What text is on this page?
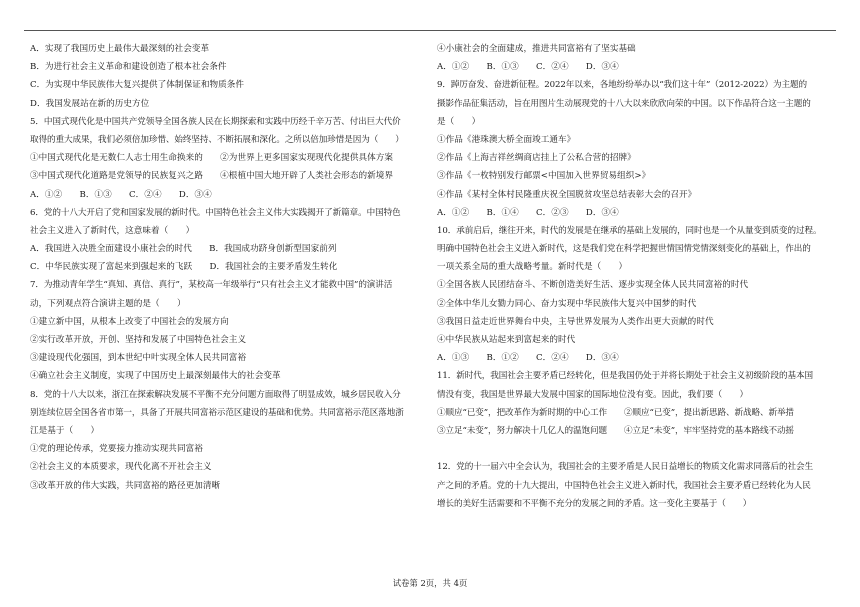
A．实现了我国历史上最伟大最深刻的社会变革
B．为进行社会主义革命和建设创造了根本社会条件
C．为实现中华民族伟大复兴提供了体制保证和物质条件
D．我国发展站在新的历史方位
5．中国式现代化是中国共产党领导全国各族人民在长期探索和实践中历经千辛万苦、付出巨大代价
取得的重大成果，我们必须倍加珍惜、始终坚持、不断拓展和深化。之所以倍加珍惜是因为（　　）
①中国式现代化是无数仁人志士用生命换来的　　②为世界上更多国家实现现代化提供具体方案
③中国式现代化道路是党领导的民族复兴之路　　④根植中国大地开辟了人类社会形态的新境界
A．①②　　B．①③　　C．②④　　D．③④
6．党的十八大开启了党和国家发展的新时代。中国特色社会主义伟大实践揭开了新篇章。中国特色
社会主义进入了新时代，这意味着（　　）
A．我国进入决胜全面建设小康社会的时代　　B．我国成功跻身创新型国家前列
C．中华民族实现了富起来到强起来的飞跃　　D．我国社会的主要矛盾发生转化
7．为推动青年学生“真知、真信、真行”，某校高一年级举行“只有社会主义才能救中国”的演讲活
动，下列观点符合演讲主题的是（　　）
①建立新中国，从根本上改变了中国社会的发展方向
②实行改革开放，开创、坚持和发展了中国特色社会主义
③建设现代化强国，到本世纪中叶实现全体人民共同富裕
④确立社会主义制度，实现了中国历史上最深刻最伟大的社会变革
8．党的十八大以来，浙江在探索解决发展不平衡不充分问题方面取得了明显成效，城乡居民收入分
别连续位居全国各省市第一，具备了开展共同富裕示范区建设的基础和优势。共同富裕示范区落地浙
江是基于（　　）
①党的理论传承，党要接力推动实现共同富裕
②社会主义的本质要求，现代化离不开社会主义
③改革开放的伟大实践，共同富裕的路径更加清晰
④小康社会的全面建成，推进共同富裕有了坚实基础
A．①②　　B．①③　　C．②④　　D．③④
9．踔厉奋发、奋进新征程。2022年以来，各地纷纷举办以“我们这十年”（2012-2022）为主题的
摄影作品征集活动，旨在用图片生动展现党的十八大以来欣欣向荣的中国。以下作品符合这一主题的
是（　　）
①作品《港珠澳大桥全面竣工通车》
②作品《上海吉祥丝绸商店挂上了公私合营的招牌》
③作品《一枚特别发行邮票<中国加入世界贸易组织>》
④作品《某村全体村民隆重庆祝全国脱贫攻坚总结表彰大会的召开》
A．①②　　B．①④　　C．②③　　D．③④
10．承前启后，继往开来，时代的发展是在继承的基础上发展的，同时也是一个从量变到质变的过程。
明确中国特色社会主义进入新时代，这是我们党在科学把握世情国情党情深刻变化的基础上，作出的
一项关系全局的重大战略考量。新时代是（　　）
①全国各族人民团结奋斗、不断创造美好生活、逐步实现全体人民共同富裕的时代
②全体中华儿女勠力同心、奋力实现中华民族伟大复兴中国梦的时代
③我国日益走近世界舞台中央，主导世界发展为人类作出更大贡献的时代
④中华民族从站起来到富起来的时代
A．①③　　B．①②　　C．②④　　D．③④
11．新时代，我国社会主要矛盾已经转化，但是我国仍处于并将长期处于社会主义初级阶段的基本国
情没有变，我国是世界最大发展中国家的国际地位没有变。因此，我们要（　　）
①顺应“已变”，把改革作为新时期的中心工作　　②顺应“已变”，提出新思路、新战略、新举措
③立足“未变”，努力解决十几亿人的温饱问题　　④立足“未变”，牢牢坚持党的基本路线不动摇
12．党的十一届六中全会认为，我国社会的主要矛盾是人民日益增长的物质文化需求同落后的社会生
产之间的矛盾。党的十九大提出，中国特色社会主义进入新时代，我国社会主要矛盾已经转化为人民
增长的美好生活需要和不平衡不充分的发展之间的矛盾。这一变化主要基于（　　）
试卷第 2页，共 4页
